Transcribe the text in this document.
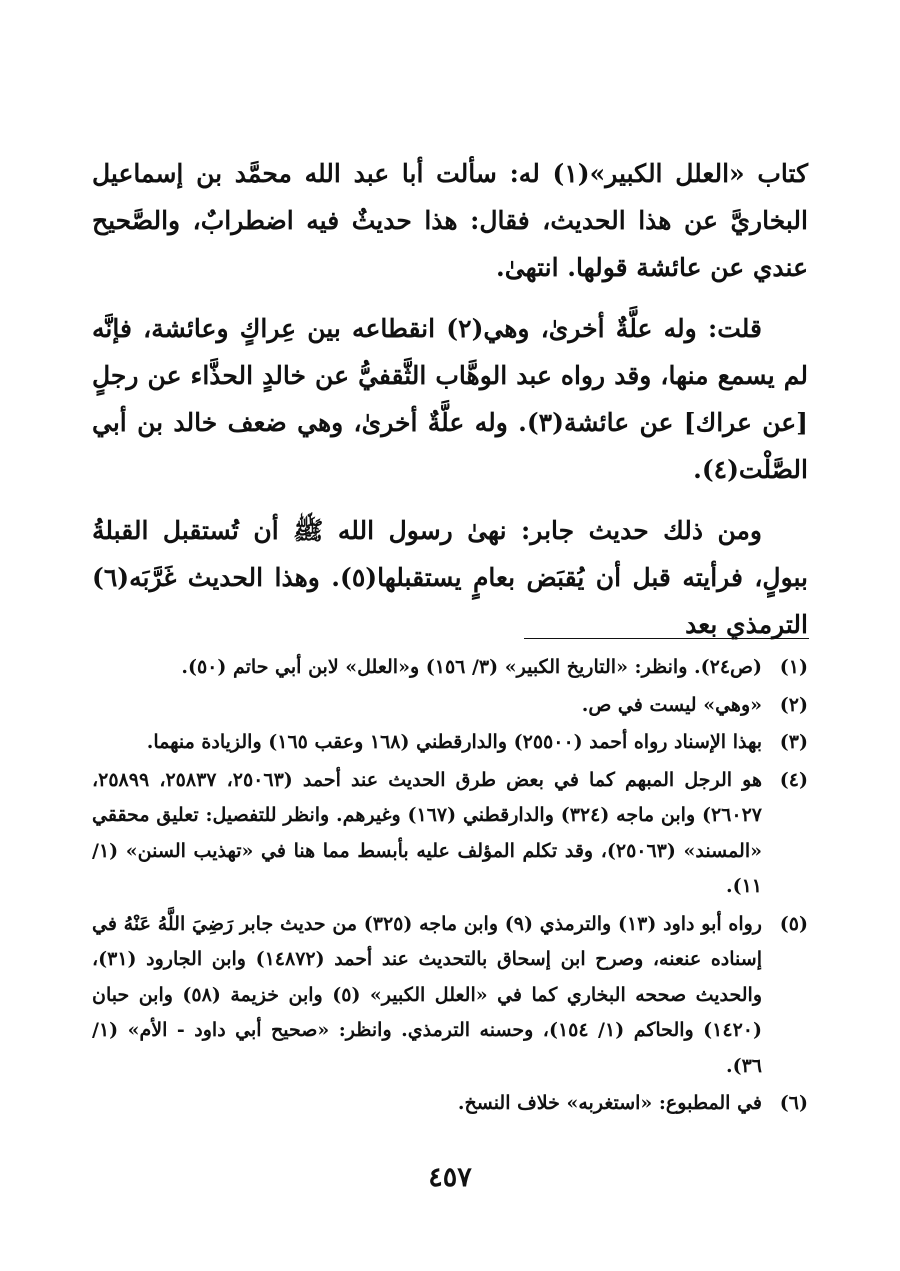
كتاب «العلل الكبير»(١) له: سألت أبا عبد الله محمَّد بن إسماعيل البخاريَّ عن هذا الحديث، فقال: هذا حديثٌ فيه اضطرابٌ، والصَّحيح عندي عن عائشة قولها. انتهىٰ.

قلت: وله علَّةٌ أخرىٰ، وهي(٢) انقطاعه بين عِراكٍ وعائشة، فإنَّه لم يسمع منها، وقد رواه عبد الوهَّاب الثَّقفيُّ عن خالدٍ الحذَّاء عن رجلٍ [عن عراك] عن عائشة(٣). وله علَّةٌ أخرىٰ، وهي ضعف خالد بن أبي الصَّلْت(٤).

ومن ذلك حديث جابر: نهىٰ رسول الله ﷺ أن تُستقبل القبلةُ ببولٍ، فرأيته قبل أن يُقبَض بعامٍ يستقبلها(٥). وهذا الحديث غَرَّبَه(٦) الترمذي بعد

(١)
(ص٢٤). وانظر: «التاريخ الكبير» (٣/ ١٥٦) و«العلل» لابن أبي حاتم (٥٠).
(٢)
«وهي» ليست في ص.
(٣)
بهذا الإسناد رواه أحمد (٢٥٥٠٠) والدارقطني (١٦٨ وعقب ١٦٥) والزيادة منهما.
(٤)
هو الرجل المبهم كما في بعض طرق الحديث عند أحمد (٢٥٠٦٣، ٢٥٨٣٧، ٢٥٨٩٩، ٢٦٠٢٧) وابن ماجه (٣٢٤) والدارقطني (١٦٧) وغيرهم. وانظر للتفصيل: تعليق محققي «المسند» (٢٥٠٦٣)، وقد تكلم المؤلف عليه بأبسط مما هنا في «تهذيب السنن» (١/ ١١).
(٥)
رواه أبو داود (١٣) والترمذي (٩) وابن ماجه (٣٢٥) من حديث جابر رَضِيَ اللَّهُ عَنْهُ في إسناده عنعنه، وصرح ابن إسحاق بالتحديث عند أحمد (١٤٨٧٢) وابن الجارود (٣١)، والحديث صححه البخاري كما في «العلل الكبير» (٥) وابن خزيمة (٥٨) وابن حبان (١٤٢٠) والحاكم (١/ ١٥٤)، وحسنه الترمذي. وانظر: «صحيح أبي داود - الأم» (١/ ٣٦).
(٦)
في المطبوع: «استغربه» خلاف النسخ.
٤٥٧
